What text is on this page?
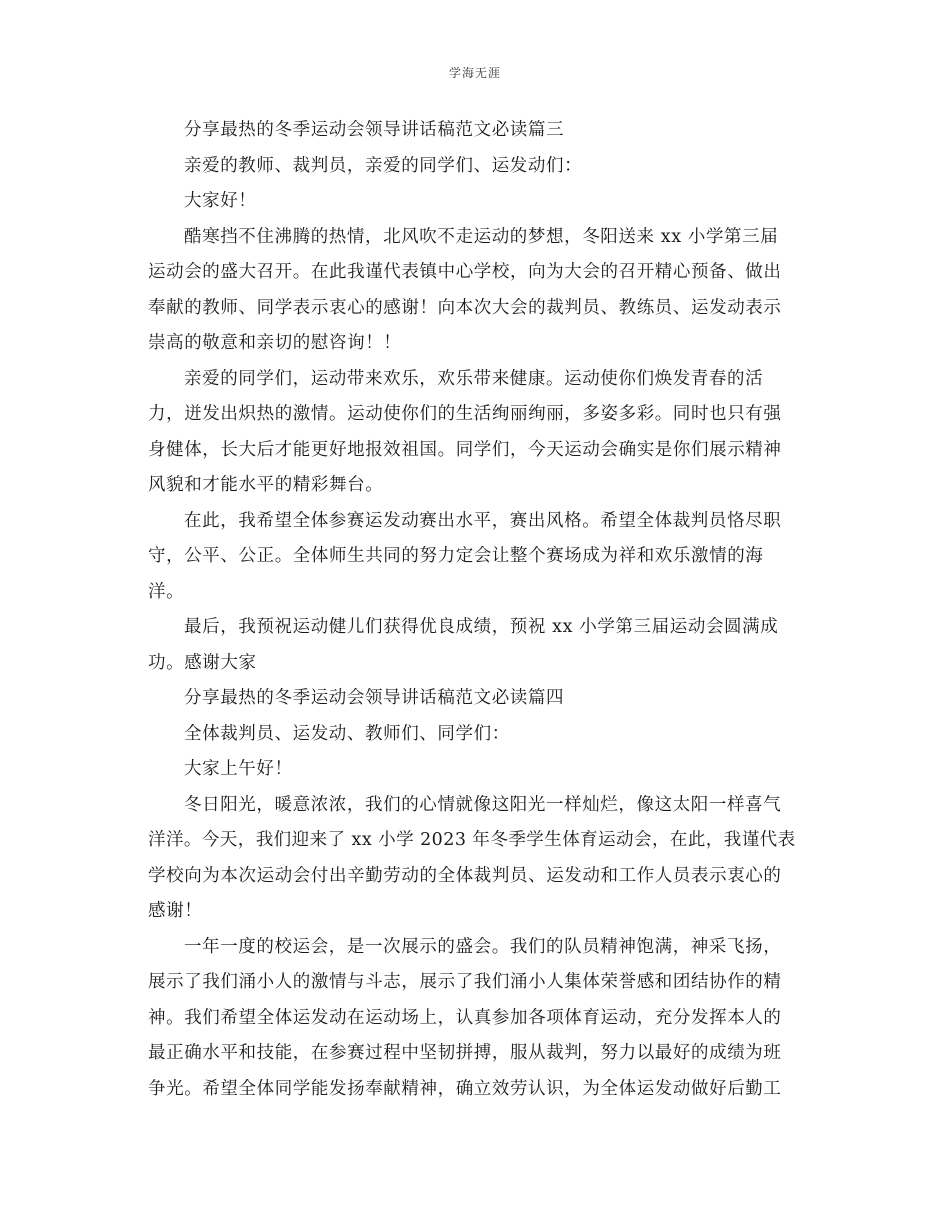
学海无涯
分享最热的冬季运动会领导讲话稿范文必读篇三
亲爱的教师、裁判员，亲爱的同学们、运发动们：
大家好！
酷寒挡不住沸腾的热情，北风吹不走运动的梦想，冬阳送来 xx 小学第三届
运动会的盛大召开。在此我谨代表镇中心学校，向为大会的召开精心预备、做出
奉献的教师、同学表示衷心的感谢！向本次大会的裁判员、教练员、运发动表示
崇高的敬意和亲切的慰咨询！！
亲爱的同学们，运动带来欢乐，欢乐带来健康。运动使你们焕发青春的活
力，迸发出炽热的激情。运动使你们的生活绚丽绚丽，多姿多彩。同时也只有强
身健体，长大后才能更好地报效祖国。同学们，今天运动会确实是你们展示精神
风貌和才能水平的精彩舞台。
在此，我希望全体参赛运发动赛出水平，赛出风格。希望全体裁判员恪尽职
守，公平、公正。全体师生共同的努力定会让整个赛场成为祥和欢乐激情的海
洋。
最后，我预祝运动健儿们获得优良成绩，预祝 xx 小学第三届运动会圆满成
功。感谢大家
分享最热的冬季运动会领导讲话稿范文必读篇四
全体裁判员、运发动、教师们、同学们：
大家上午好！
冬日阳光，暖意浓浓，我们的心情就像这阳光一样灿烂，像这太阳一样喜气
洋洋。今天，我们迎来了 xx 小学 2023 年冬季学生体育运动会，在此，我谨代表
学校向为本次运动会付出辛勤劳动的全体裁判员、运发动和工作人员表示衷心的
感谢！
一年一度的校运会，是一次展示的盛会。我们的队员精神饱满，神采飞扬，
展示了我们涌小人的激情与斗志，展示了我们涌小人集体荣誉感和团结协作的精
神。我们希望全体运发动在运动场上，认真参加各项体育运动，充分发挥本人的
最正确水平和技能，在参赛过程中坚韧拼搏，服从裁判，努力以最好的成绩为班
争光。希望全体同学能发扬奉献精神，确立效劳认识，为全体运发动做好后勤工
